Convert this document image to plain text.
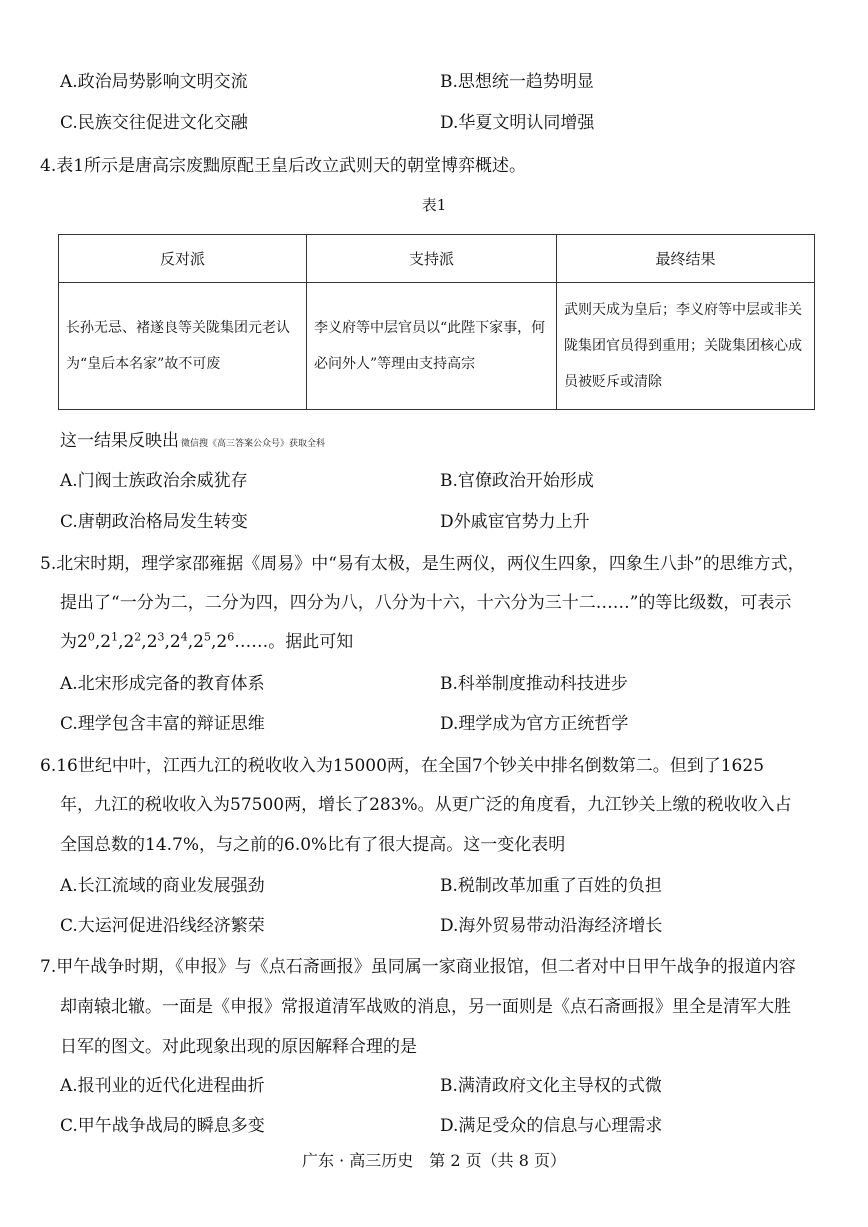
A.政治局势影响文明交流	B.思想统一趋势明显
C.民族交往促进文化交融	D.华夏文明认同增强
4.表1所示是唐高宗废黜原配王皇后改立武则天的朝堂博弈概述。
表1
反对派	支持派	最终结果

长孙无忌、褚遂良等关陇集团元老认为“皇后本名家”故不可废	李义府等中层官员以“此陛下家事，何必问外人”等理由支持高宗	武则天成为皇后；李义府等中层或非关陇集团官员得到重用；关陇集团核心成员被贬斥或清除
这一结果反映出 微信搜《高三答案公众号》获取全科
A.门阀士族政治余威犹存	B.官僚政治开始形成
C.唐朝政治格局发生转变	D外戚宦官势力上升
5.北宋时期，理学家邵雍据《周易》中“易有太极，是生两仪，两仪生四象，四象生八卦”的思维方式，
提出了“一分为二，二分为四，四分为八，八分为十六，十六分为三十二……”的等比级数，可表示
为$2^0,2^1,2^2,2^3,2^4,2^5,2^6\dots\dots$。据此可知
A.北宋形成完备的教育体系	B.科举制度推动科技进步
C.理学包含丰富的辩证思维	D.理学成为官方正统哲学
6.16世纪中叶，江西九江的税收收入为15000两，在全国7个钞关中排名倒数第二。但到了1625
年，九江的税收收入为57500两，增长了283%。从更广泛的角度看，九江钞关上缴的税收收入占
全国总数的14.7%，与之前的6.0%比有了很大提高。这一变化表明
A.长江流域的商业发展强劲	B.税制改革加重了百姓的负担
C.大运河促进沿线经济繁荣	D.海外贸易带动沿海经济增长
7.甲午战争时期，《申报》与《点石斋画报》虽同属一家商业报馆，但二者对中日甲午战争的报道内容
却南辕北辙。一面是《申报》常报道清军战败的消息，另一面则是《点石斋画报》里全是清军大胜
日军的图文。对此现象出现的原因解释合理的是
A.报刊业的近代化进程曲折	B.满清政府文化主导权的式微
C.甲午战争战局的瞬息多变	D.满足受众的信息与心理需求
广东 · 高三历史　第 2 页（共 8 页）
